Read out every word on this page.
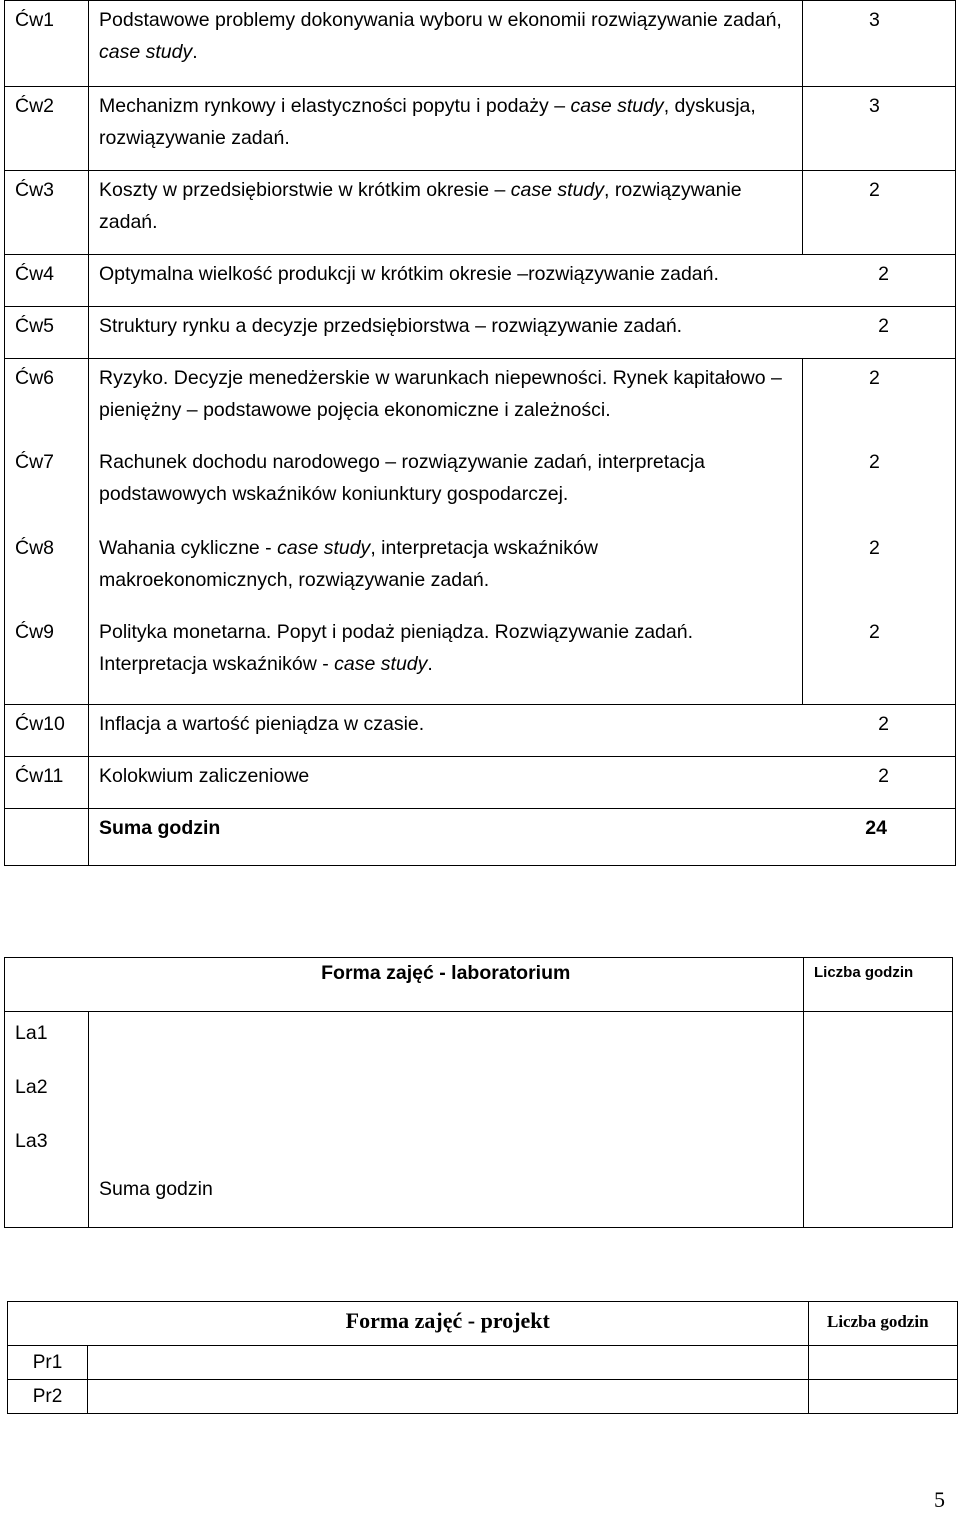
Ćw1	Podstawowe problemy dokonywania wyboru w ekonomii rozwiązywanie zadań, case study.	3
Ćw2	Mechanizm rynkowy i elastyczności popytu i podaży – case study, dyskusja, rozwiązywanie zadań.	3
Ćw3	Koszty w przedsiębiorstwie w krótkim okresie – case study, rozwiązywanie zadań.	2
Ćw4	Optymalna wielkość produkcji w krótkim okresie –rozwiązywanie zadań. 2	

Ćw5	Struktury rynku a decyzje przedsiębiorstwa – rozwiązywanie zadań. 2	

Ćw6	Ryzyko. Decyzje menedżerskie w warunkach niepewności. Rynek kapitałowo – pieniężny – podstawowe pojęcia ekonomiczne i zależności.	2
Ćw7	Rachunek dochodu narodowego – rozwiązywanie zadań, interpretacja podstawowych wskaźników koniunktury gospodarczej.	2
Ćw8	Wahania cykliczne - case study, interpretacja wskaźników makroekonomicznych, rozwiązywanie zadań.	2
Ćw9	Polityka monetarna. Popyt i podaż pieniądza. Rozwiązywanie zadań. Interpretacja wskaźników - case study.	2
Ćw10	Inflacja a wartość pieniądza w czasie. 2	

Ćw11	Kolokwium zaliczeniowe 2	

	Suma godzin 24	
	Forma zajęć - laboratorium	Liczba godzin
La1		
La2		
La3		
	Suma godzin	
	Forma zajęć - projekt	Liczba godzin
Pr1		
Pr2		
5
